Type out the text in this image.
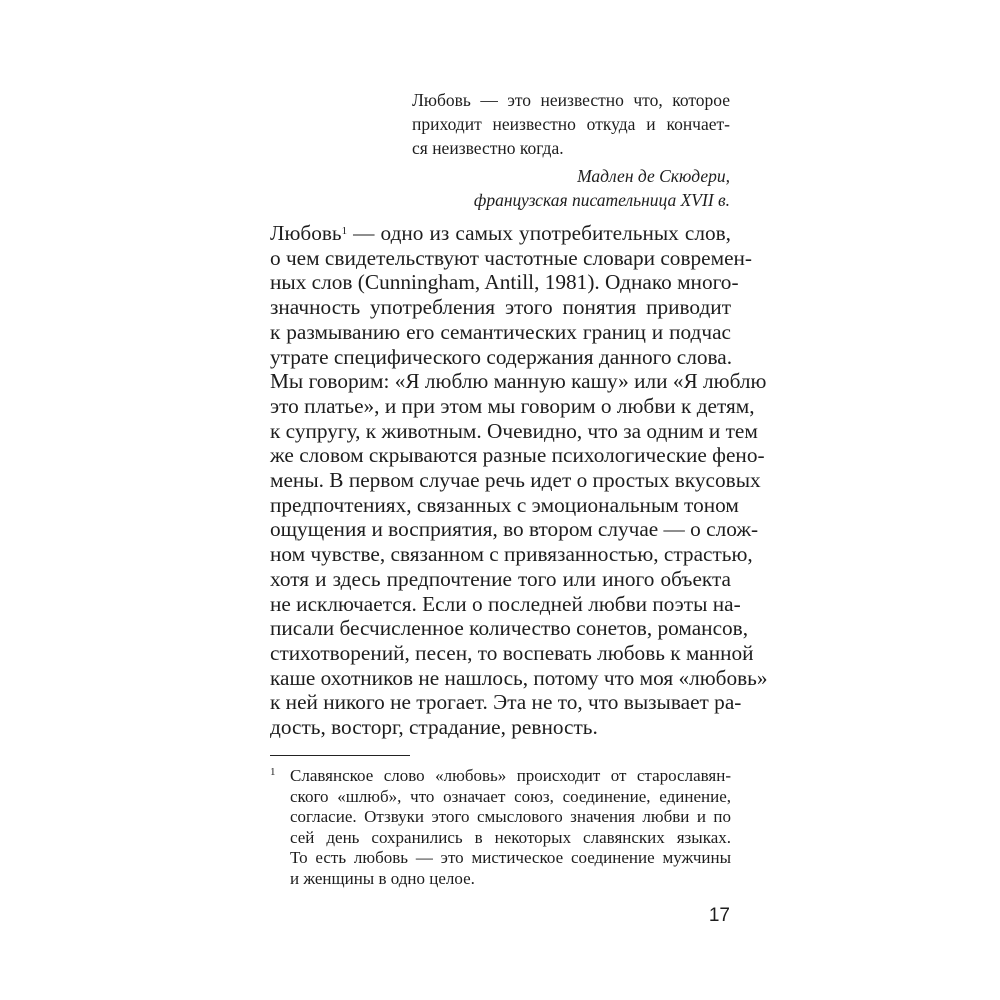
Любовь — это неизвестно что, которое
приходит неизвестно откуда и кончает-
ся неизвестно когда.
Мадлен де Скюдери,
французская писательница XVII в.
Любовь$^1$ — одно из самых употребительных слов,
о чем свидетельствуют частотные словари современ-
ных слов (Cunningham, Antill, 1981). Однако много-
значность употребления этого понятия приводит
к размыванию его семантических границ и подчас
утрате специфического содержания данного слова.
Мы говорим: «Я люблю манную кашу» или «Я люблю
это платье», и при этом мы говорим о любви к детям,
к супругу, к животным. Очевидно, что за одним и тем
же словом скрываются разные психологические фено-
мены. В первом случае речь идет о простых вкусовых
предпочтениях, связанных с эмоциональным тоном
ощущения и восприятия, во втором случае — о слож-
ном чувстве, связанном с привязанностью, страстью,
хотя и здесь предпочтение того или иного объекта
не исключается. Если о последней любви поэты на-
писали бесчисленное количество сонетов, романсов,
стихотворений, песен, то воспевать любовь к манной
каше охотников не нашлось, потому что моя «любовь»
к ней никого не трогает. Эта не то, что вызывает ра-
дость, восторг, страдание, ревность.
1 Славянское слово «любовь» происходит от старославян-
ского «шлюб», что означает союз, соединение, единение,
согласие. Отзвуки этого смыслового значения любви и по
сей день сохранились в некоторых славянских языках.
То есть любовь — это мистическое соединение мужчины
и женщины в одно целое.
17
